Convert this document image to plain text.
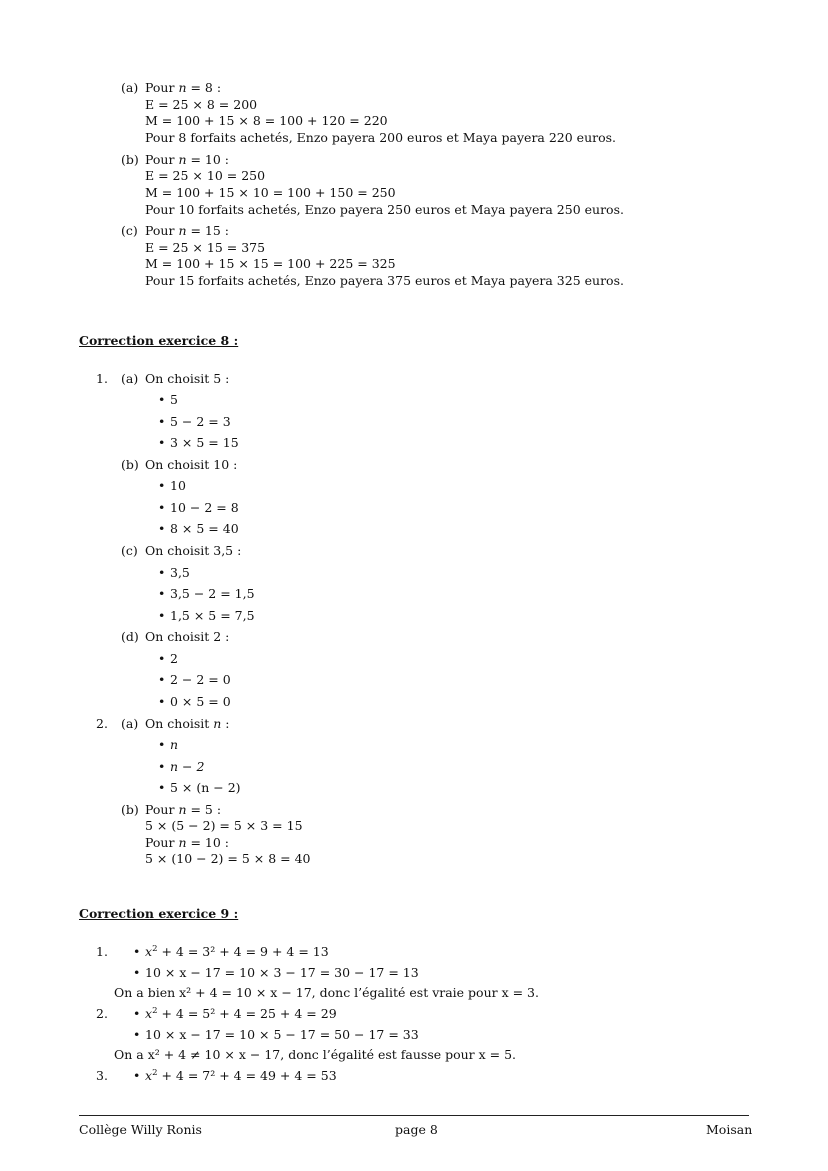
(a) Pour n = 8 :
E = 25 × 8 = 200
M = 100 + 15 × 8 = 100 + 120 = 220
Pour 8 forfaits achetés, Enzo payera 200 euros et Maya payera 220 euros.
(b) Pour n = 10 :
E = 25 × 10 = 250
M = 100 + 15 × 10 = 100 + 150 = 250
Pour 10 forfaits achetés, Enzo payera 250 euros et Maya payera 250 euros.
(c) Pour n = 15 :
E = 25 × 15 = 375
M = 100 + 15 × 15 = 100 + 225 = 325
Pour 15 forfaits achetés, Enzo payera 375 euros et Maya payera 325 euros.
Correction exercice 8 :
1. (a) On choisit 5 :
• 5
• 5 − 2 = 3
• 3 × 5 = 15
(b) On choisit 10 :
• 10
• 10 − 2 = 8
• 8 × 5 = 40
(c) On choisit 3,5 :
• 3,5
• 3,5 − 2 = 1,5
• 1,5 × 5 = 7,5
(d) On choisit 2 :
• 2
• 2 − 2 = 0
• 0 × 5 = 0
2. (a) On choisit n :
• n
• n − 2
• 5 × (n − 2)
(b) Pour n = 5 :
5 × (5 − 2) = 5 × 3 = 15
Pour n = 10 :
5 × (10 − 2) = 5 × 8 = 40
Correction exercice 9 :
1.	• $x^2 + 4 = 3^2 + 4 = 9 + 4 = 13$
• 10 × x − 17 = 10 × 3 − 17 = 30 − 17 = 13
On a bien x² + 4 = 10 × x − 17, donc l’égalité est vraie pour x = 3.
2.	• $x^2 + 4 = 5^2 + 4 = 25 + 4 = 29$
• 10 × x − 17 = 10 × 5 − 17 = 50 − 17 = 33
On a x² + 4 ≠ 10 × x − 17, donc l’égalité est fausse pour x = 5.
3.	• $x^2 + 4 = 7^2 + 4 = 49 + 4 = 53$
Collège Willy Ronis	page 8	Moisan
